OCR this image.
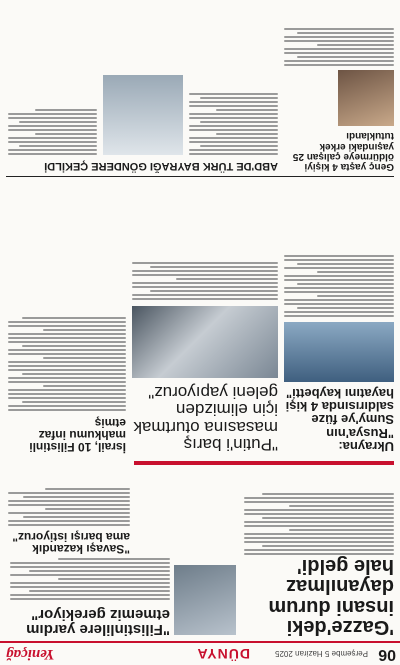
06
Perşembe 5 Haziran 2025
DÜNYA
Yeniçağ

'Gazze'deki insani durum dayanılmaz hale geldi'

"Filistinlilere yardım etmemiz gerekiyor"

"Savaşı kazandık ama barışı istiyoruz"

Ukrayna: "Rusya'nın Sumy'ye füze saldırısında 4 kişi hayatını kaybetti"

"Putin'i barış masasına oturtmak için elimizden geleni yapıyoruz"

İsrail, 10 Filistinli mahkumu infaz etmiş

ABD'DE TÜRK BAYRAĞI GÖNDERE ÇEKİLDİ	Genç yaşta 4 kişiyi öldürmeye çalışan 25 yaşındaki erkek tutuklandı
